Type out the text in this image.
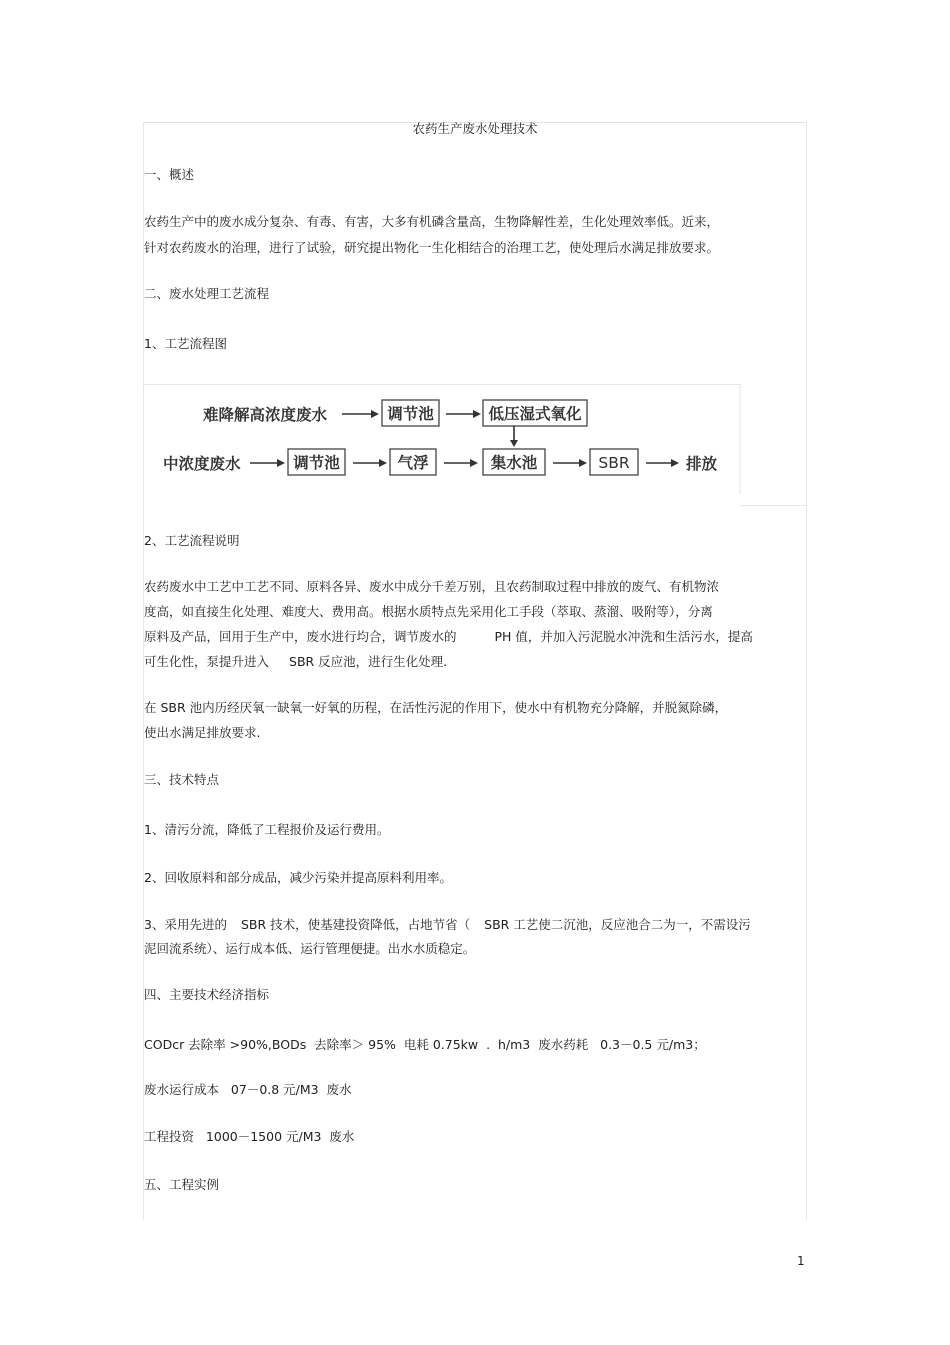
农药生产废水处理技术
一、概述
农药生产中的废水成分复杂、有毒、有害，大多有机磷含量高，生物降解性差，生化处理效率低。近来，
针对农药废水的治理，进行了试验，研究提出物化一生化相结合的治理工艺，使处理后水满足排放要求。
二、废水处理工艺流程
1、工艺流程图
难降解高浓度废水	调节池	低压湿式氧化
中浓度废水	调节池	气浮	集水池	SBR	排放
2、工艺流程说明
农药废水中工艺中工艺不同、原料各异、废水中成分千差万别，且农药制取过程中排放的废气、有机物浓
度高，如直接生化处理、难度大、费用高。根据水质特点先采用化工手段（萃取、蒸溜、吸附等），分离
原料及产品，回用于生产中，废水进行均合，调节废水的	PH 值，并加入污泥脱水冲洗和生活污水，提高
可生化性，泵提升进入 SBR 反应池，进行生化处理.
在 SBR 池内历经厌氧一缺氧一好氧的历程，在活性污泥的作用下，使水中有机物充分降解，并脱氮除磷，
使出水满足排放要求.
三、技术特点
1、清污分流，降低了工程报价及运行费用。
2、回收原料和部分成品，减少污染并提高原料利用率。
3、采用先进的 SBR 技术，使基建投资降低，占地节省（ SBR 工艺使二沉池，反应池合二为一，不需设污
泥回流系统）、运行成本低、运行管理便捷。出水水质稳定。
四、主要技术经济指标
CODcr 去除率 >90%,BODs  去除率＞ 95%  电耗 0.75kw  .  h/m3  废水药耗   0.3－0.5 元/m3；
废水运行成本   07－0.8 元/M3  废水
工程投资   1000－1500 元/M3  废水
五、工程实例
1
